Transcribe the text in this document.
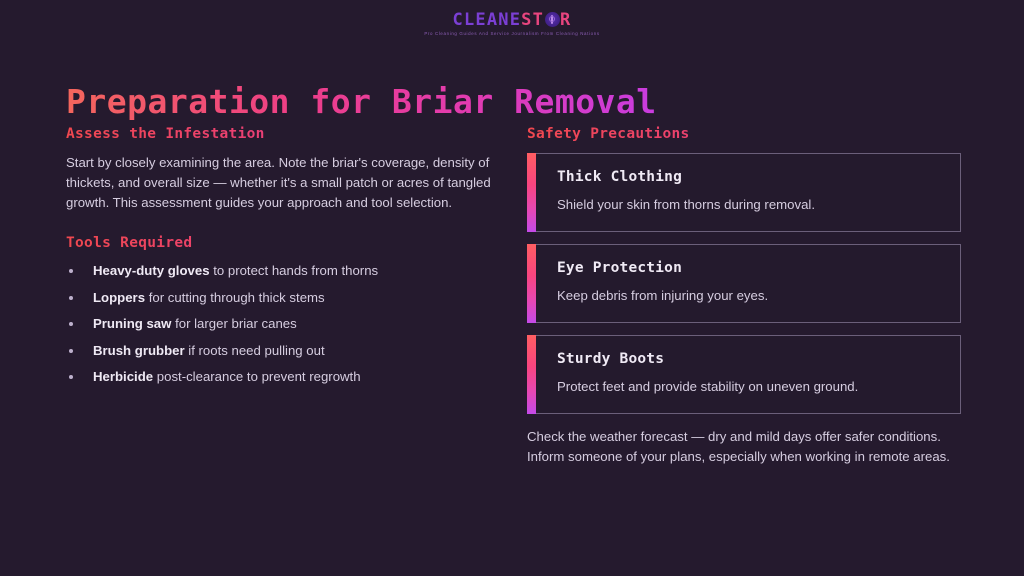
CLEANEST R
Pro Cleaning Guides And Service Journalism From Cleaning Nations
Preparation for Briar Removal
Assess the Infestation

Start by closely examining the area. Note the briar's coverage, density of thickets, and overall size — whether it's a small patch or acres of tangled growth. This assessment guides your approach and tool selection.

Tools Required
Heavy-duty gloves to protect hands from thorns
Loppers for cutting through thick stems
Pruning saw for larger briar canes
Brush grubber if roots need pulling out
Herbicide post-clearance to prevent regrowth
Safety Precautions
Thick Clothing

Shield your skin from thorns during removal.

Eye Protection

Keep debris from injuring your eyes.

Sturdy Boots

Protect feet and provide stability on uneven ground.

Check the weather forecast — dry and mild days offer safer conditions. Inform someone of your plans, especially when working in remote areas.
